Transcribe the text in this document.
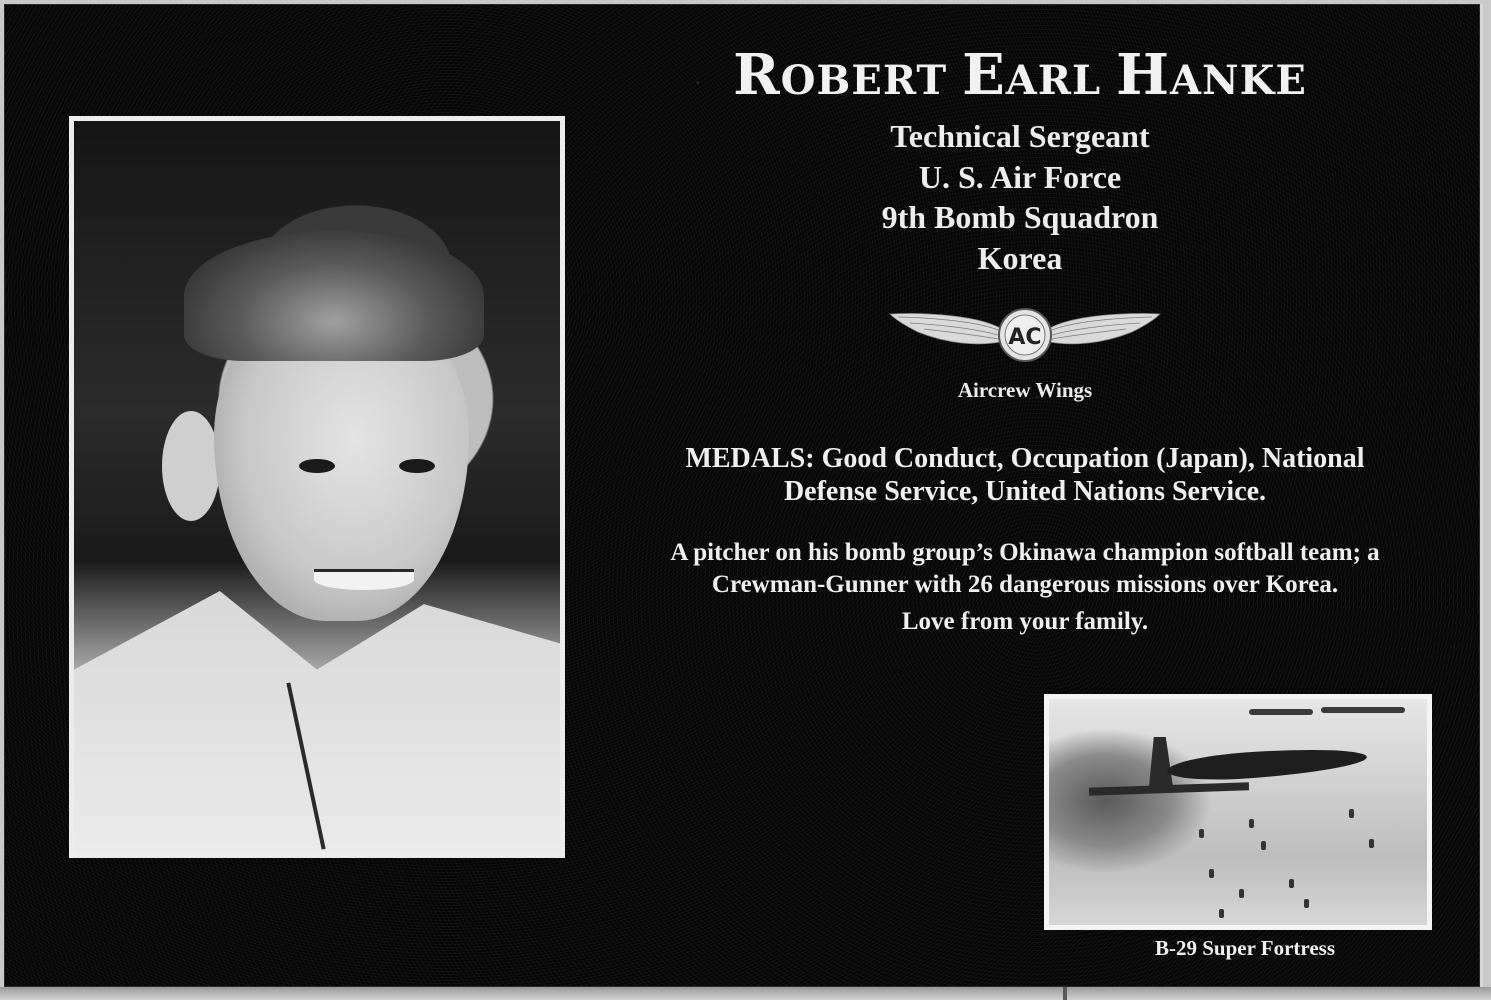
ROBERT EARL HANKE
Technical Sergeant
U. S. Air Force
9th Bomb Squadron
Korea
AC
Aircrew Wings
MEDALS: Good Conduct, Occupation (Japan), National
Defense Service, United Nations Service.
A pitcher on his bomb group’s Okinawa champion softball team; a
Crewman-Gunner with 26 dangerous missions over Korea.
Love from your family.
B-29 Super Fortress
